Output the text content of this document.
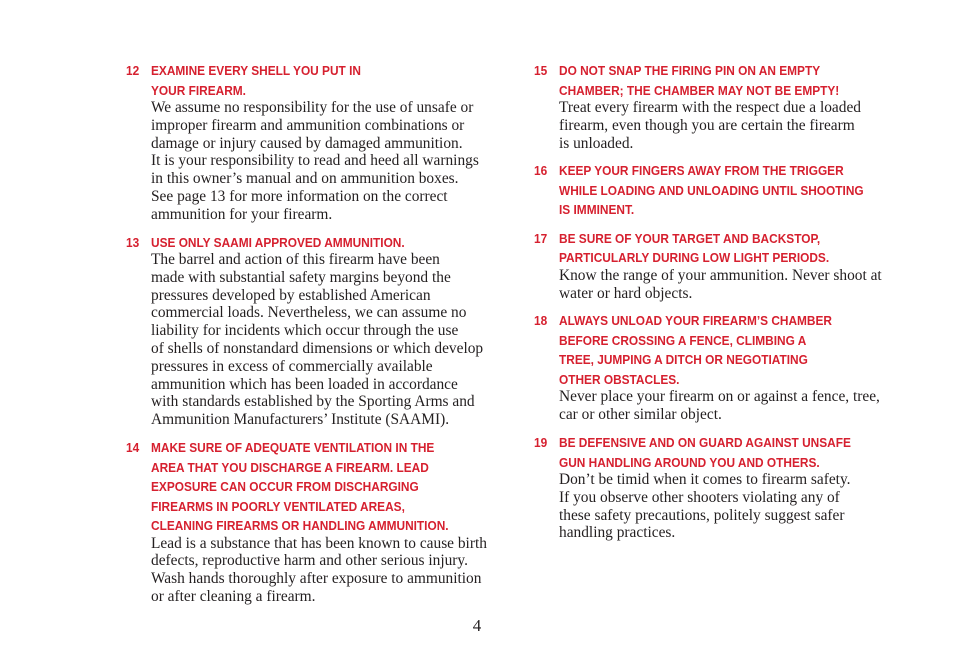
12 EXAMINE EVERY SHELL YOU PUT IN
YOUR FIREARM.
We assume no responsibility for the use of unsafe or
improper firearm and ammunition combinations or
damage or injury caused by damaged ammunition.
It is your responsibility to read and heed all warnings
in this owner’s manual and on ammunition boxes.
See page 13 for more information on the correct
ammunition for your firearm.
13 USE ONLY SAAMI APPROVED AMMUNITION.
The barrel and action of this firearm have been
made with substantial safety margins beyond the
pressures developed by established American
commercial loads. Nevertheless, we can assume no
liability for incidents which occur through the use
of shells of nonstandard dimensions or which develop
pressures in excess of commercially available
ammunition which has been loaded in accordance
with standards established by the Sporting Arms and
Ammunition Manufacturers’ Institute (SAAMI).
14 MAKE SURE OF ADEQUATE VENTILATION IN THE
AREA THAT YOU DISCHARGE A FIREARM. LEAD
EXPOSURE CAN OCCUR FROM DISCHARGING
FIREARMS IN POORLY VENTILATED AREAS,
CLEANING FIREARMS OR HANDLING AMMUNITION.
Lead is a substance that has been known to cause birth
defects, reproductive harm and other serious injury.
Wash hands thoroughly after exposure to ammunition
or after cleaning a firearm.
15 DO NOT SNAP THE FIRING PIN ON AN EMPTY
CHAMBER; THE CHAMBER MAY NOT BE EMPTY!
Treat every firearm with the respect due a loaded
firearm, even though you are certain the firearm
is unloaded.
16 KEEP YOUR FINGERS AWAY FROM THE TRIGGER
WHILE LOADING AND UNLOADING UNTIL SHOOTING
IS IMMINENT.
17 BE SURE OF YOUR TARGET AND BACKSTOP,
PARTICULARLY DURING LOW LIGHT PERIODS.
Know the range of your ammunition. Never shoot at
water or hard objects.
18 ALWAYS UNLOAD YOUR FIREARM’S CHAMBER
BEFORE CROSSING A FENCE, CLIMBING A
TREE, JUMPING A DITCH OR NEGOTIATING
OTHER OBSTACLES.
Never place your firearm on or against a fence, tree,
car or other similar object.
19 BE DEFENSIVE AND ON GUARD AGAINST UNSAFE
GUN HANDLING AROUND YOU AND OTHERS.
Don’t be timid when it comes to firearm safety.
If you observe other shooters violating any of
these safety precautions, politely suggest safer
handling practices.
4
